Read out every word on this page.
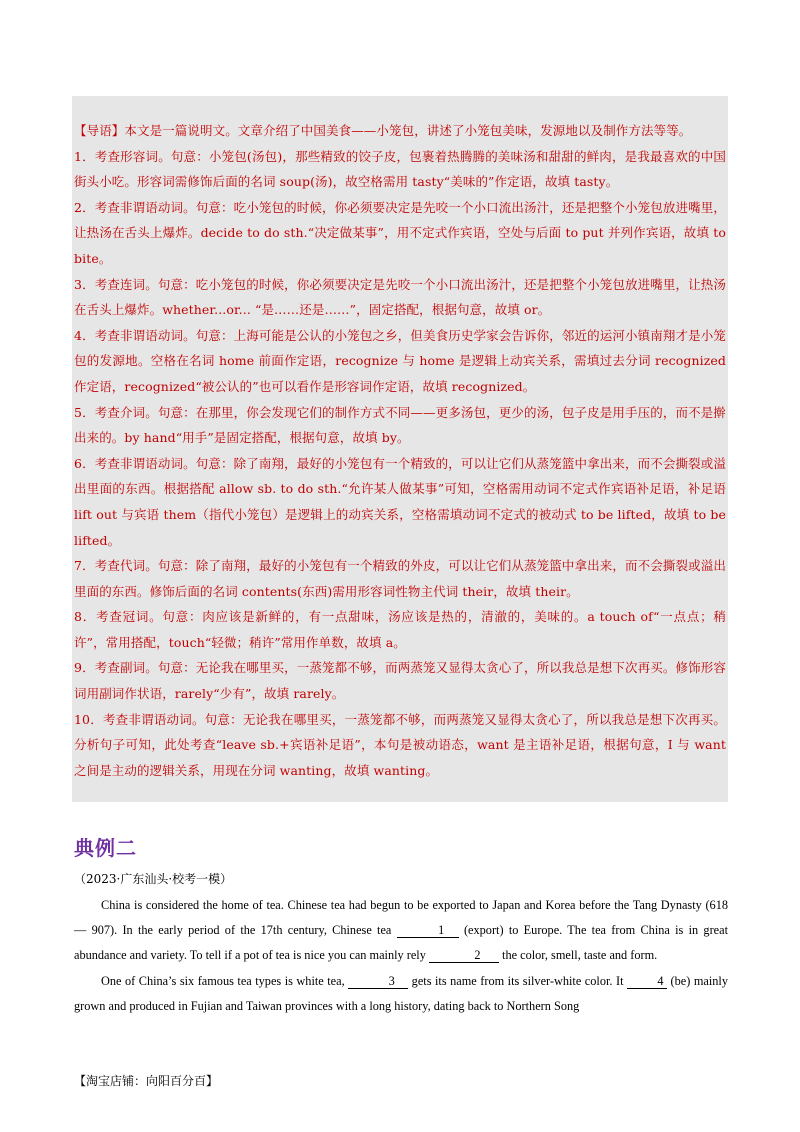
【导语】本文是一篇说明文。文章介绍了中国美食——小笼包，讲述了小笼包美味，发源地以及制作方法等等。

1．考查形容词。句意：小笼包(汤包)，那些精致的饺子皮，包裹着热腾腾的美味汤和甜甜的鲜肉，是我最喜欢的中国街头小吃。形容词需修饰后面的名词 soup(汤)，故空格需用 tasty“美味的”作定语，故填 tasty。

2．考查非谓语动词。句意：吃小笼包的时候，你必须要决定是先咬一个小口流出汤汁，还是把整个小笼包放进嘴里，让热汤在舌头上爆炸。decide to do sth.“决定做某事”，用不定式作宾语，空处与后面 to put 并列作宾语，故填 to bite。

3．考查连词。句意：吃小笼包的时候，你必须要决定是先咬一个小口流出汤汁，还是把整个小笼包放进嘴里，让热汤在舌头上爆炸。whether...or... “是……还是……”，固定搭配，根据句意，故填 or。

4．考查非谓语动词。句意：上海可能是公认的小笼包之乡，但美食历史学家会告诉你，邻近的运河小镇南翔才是小笼包的发源地。空格在名词 home 前面作定语，recognize 与 home 是逻辑上动宾关系，需填过去分词 recognized 作定语，recognized“被公认的”也可以看作是形容词作定语，故填 recognized。

5．考查介词。句意：在那里，你会发现它们的制作方式不同——更多汤包，更少的汤，包子皮是用手压的，而不是擀出来的。by hand“用手”是固定搭配，根据句意，故填 by。

6．考查非谓语动词。句意：除了南翔，最好的小笼包有一个精致的，可以让它们从蒸笼篮中拿出来，而不会撕裂或溢出里面的东西。根据搭配 allow sb. to do sth.“允许某人做某事”可知，空格需用动词不定式作宾语补足语，补足语 lift out 与宾语 them（指代小笼包）是逻辑上的动宾关系，空格需填动词不定式的被动式 to be lifted，故填 to be lifted。

7．考查代词。句意：除了南翔，最好的小笼包有一个精致的外皮，可以让它们从蒸笼篮中拿出来，而不会撕裂或溢出里面的东西。修饰后面的名词 contents(东西)需用形容词性物主代词 their，故填 their。

8．考查冠词。句意：肉应该是新鲜的，有一点甜味，汤应该是热的，清澈的，美味的。a touch of“一点点；稍许”，常用搭配，touch“轻微；稍许”常用作单数，故填 a。

9．考查副词。句意：无论我在哪里买，一蒸笼都不够，而两蒸笼又显得太贪心了，所以我总是想下次再买。修饰形容词用副词作状语，rarely“少有”，故填 rarely。

10．考查非谓语动词。句意：无论我在哪里买，一蒸笼都不够，而两蒸笼又显得太贪心了，所以我总是想下次再买。分析句子可知，此处考查“leave sb.+宾语补足语”，本句是被动语态，want 是主语补足语，根据句意，I 与 want 之间是主动的逻辑关系，用现在分词 wanting，故填 wanting。

典例二
（2023·广东汕头·校考一模）

China is considered the home of tea. Chinese tea had begun to be exported to Japan and Korea before the Tang Dynasty (618 — 907). In the early period of the 17th century, Chinese tea	1 (export) to Europe. The tea from China is in great abundance and variety. To tell if a pot of tea is nice you can mainly rely	2 the color, smell, taste and form.

One of China’s six famous tea types is white tea,	3 gets its name from its silver-white color. It 4 (be) mainly grown and produced in Fujian and Taiwan provinces with a long history, dating back to Northern Song

【淘宝店铺：向阳百分百】
